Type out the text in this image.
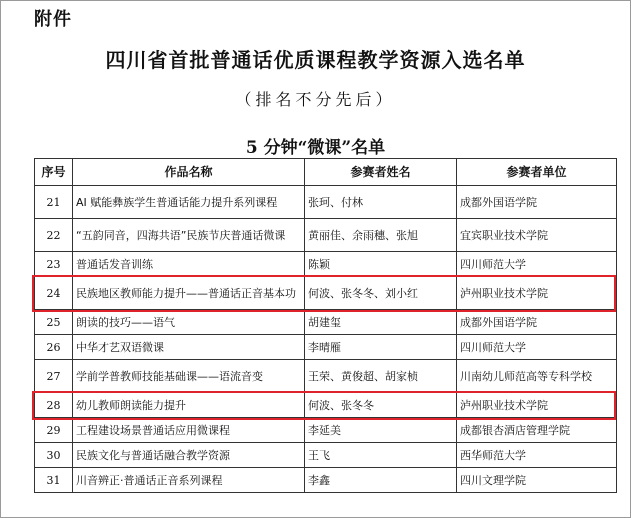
附件
四川省首批普通话优质课程教学资源入选名单
（排名不分先后）
5 分钟“微课”名单
序号	作品名称	参赛者姓名	参赛者单位
21	AI 赋能彝族学生普通话能力提升系列课程	张珂、付林	成都外国语学院
22	“五韵同音，四海共语”民族节庆普通话微课	黄丽佳、余雨穗、张旭	宜宾职业技术学院
23	普通话发音训练	陈颖	四川师范大学
24	民族地区教师能力提升——普通话正音基本功	何波、张冬冬、刘小红	泸州职业技术学院
25	朗读的技巧——语气	胡建玺	成都外国语学院
26	中华才艺双语微课	李晴雁	四川师范大学
27	学前学普教师技能基础课——语流音变	王荣、黄俊超、胡家桢	川南幼儿师范高等专科学校
28	幼儿教师朗读能力提升	何波、张冬冬	泸州职业技术学院
29	工程建设场景普通话应用微课程	李延美	成都银杏酒店管理学院
30	民族文化与普通话融合教学资源	王飞	西华师范大学
31	川音辨正·普通话正音系列课程	李鑫	四川文理学院
